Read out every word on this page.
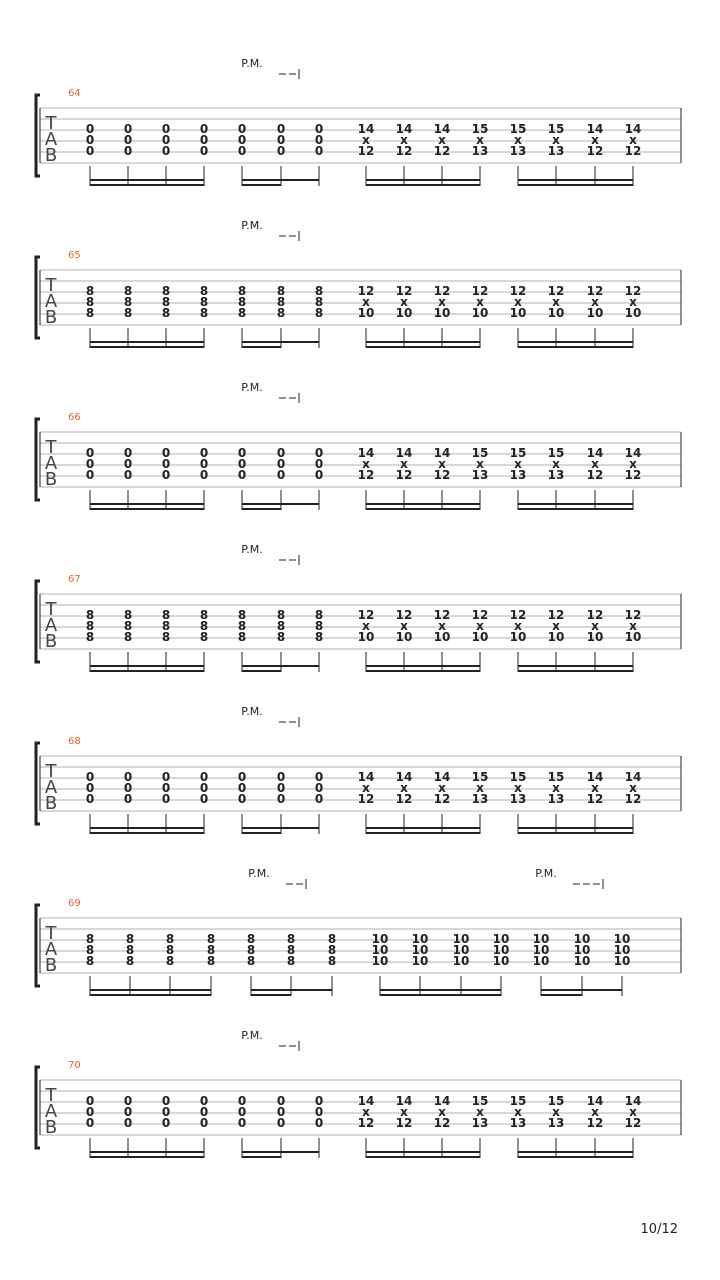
T
A
B
64
P.M.
0
0
0
0
0
0
0
0
0
0
0
0
0
0
0
0
0
0
0
0
0
14
x
12
14
x
12
14
x
12
15
x
13
15
x
13
15
x
13
14
x
12
14
x
12
T
A
B
65
P.M.
8
8
8
8
8
8
8
8
8
8
8
8
8
8
8
8
8
8
8
8
8
12
x
10
12
x
10
12
x
10
12
x
10
12
x
10
12
x
10
12
x
10
12
x
10
T
A
B
66
P.M.
0
0
0
0
0
0
0
0
0
0
0
0
0
0
0
0
0
0
0
0
0
14
x
12
14
x
12
14
x
12
15
x
13
15
x
13
15
x
13
14
x
12
14
x
12
T
A
B
67
P.M.
8
8
8
8
8
8
8
8
8
8
8
8
8
8
8
8
8
8
8
8
8
12
x
10
12
x
10
12
x
10
12
x
10
12
x
10
12
x
10
12
x
10
12
x
10
T
A
B
68
P.M.
0
0
0
0
0
0
0
0
0
0
0
0
0
0
0
0
0
0
0
0
0
14
x
12
14
x
12
14
x
12
15
x
13
15
x
13
15
x
13
14
x
12
14
x
12
T
A
B
69
P.M.	P.M.
8
8
8
8
8
8
8
8
8
8
8
8
8
8
8
8
8
8
8
8
8
10
10
10
10
10
10
10
10
10
10
10
10
10
10
10
10
10
10
10
10
10
T
A
B
70
P.M.
0
0
0
0
0
0
0
0
0
0
0
0
0
0
0
0
0
0
0
0
0
14
x
12
14
x
12
14
x
12
15
x
13
15
x
13
15
x
13
14
x
12
14
x
12
10/12
